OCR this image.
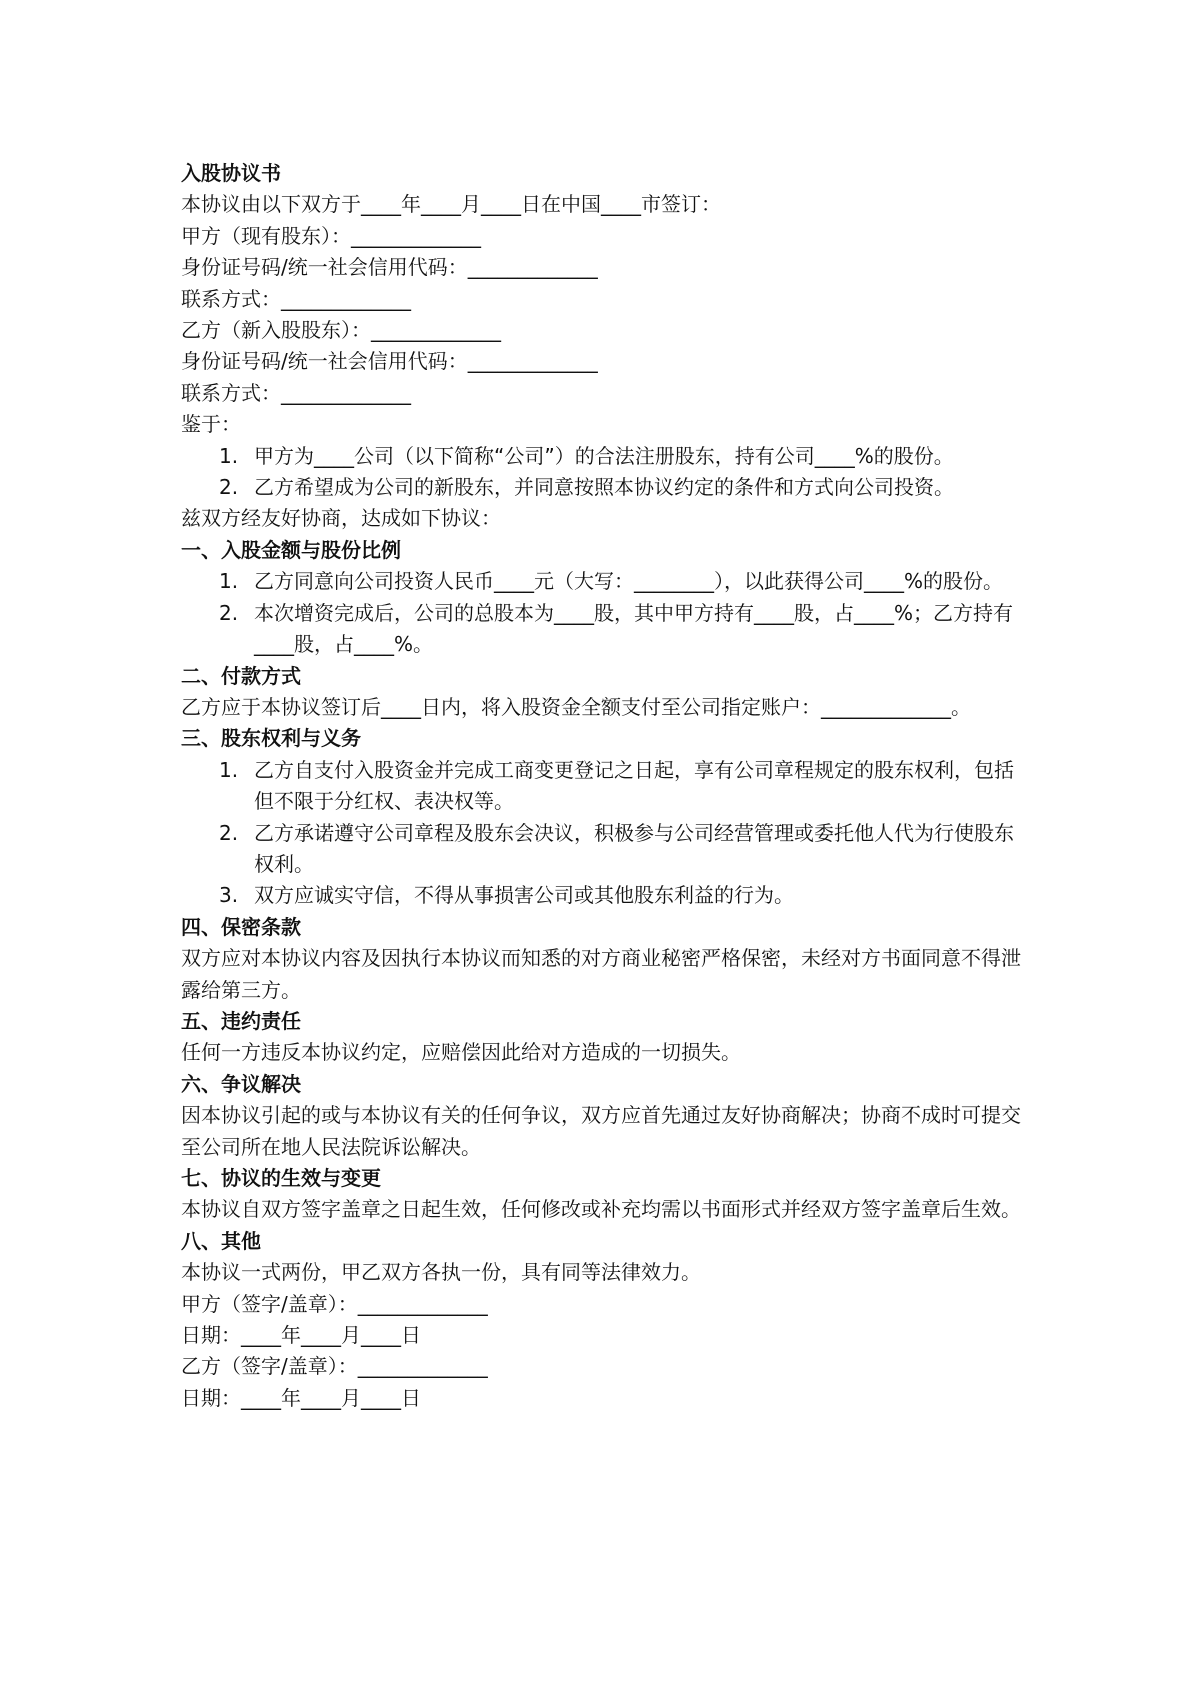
入股协议书

本协议由以下双方于____年____月____日在中国____市签订：

甲方（现有股东）：_____________

身份证号码/统一社会信用代码：_____________

联系方式：_____________

乙方（新入股股东）：_____________

身份证号码/统一社会信用代码：_____________

联系方式：_____________

鉴于：

1. 甲方为____公司（以下简称“公司”）的合法注册股东，持有公司____%的股份。
2. 乙方希望成为公司的新股东，并同意按照本协议约定的条件和方式向公司投资。

兹双方经友好协商，达成如下协议：

一、入股金额与股份比例

1. 乙方同意向公司投资人民币____元（大写：________），以此获得公司____%的股份。
2. 本次增资完成后，公司的总股本为____股，其中甲方持有____股，占____%；乙方持有____股，占____%。

二、付款方式

乙方应于本协议签订后____日内，将入股资金全额支付至公司指定账户：_____________。

三、股东权利与义务

1. 乙方自支付入股资金并完成工商变更登记之日起，享有公司章程规定的股东权利，包括但不限于分红权、表决权等。
2. 乙方承诺遵守公司章程及股东会决议，积极参与公司经营管理或委托他人代为行使股东权利。
3. 双方应诚实守信，不得从事损害公司或其他股东利益的行为。

四、保密条款

双方应对本协议内容及因执行本协议而知悉的对方商业秘密严格保密，未经对方书面同意不得泄露给第三方。

五、违约责任

任何一方违反本协议约定，应赔偿因此给对方造成的一切损失。

六、争议解决

因本协议引起的或与本协议有关的任何争议，双方应首先通过友好协商解决；协商不成时可提交至公司所在地人民法院诉讼解决。

七、协议的生效与变更

本协议自双方签字盖章之日起生效，任何修改或补充均需以书面形式并经双方签字盖章后生效。

八、其他

本协议一式两份，甲乙双方各执一份，具有同等法律效力。

甲方（签字/盖章）：_____________

日期：____年____月____日

乙方（签字/盖章）：_____________

日期：____年____月____日
